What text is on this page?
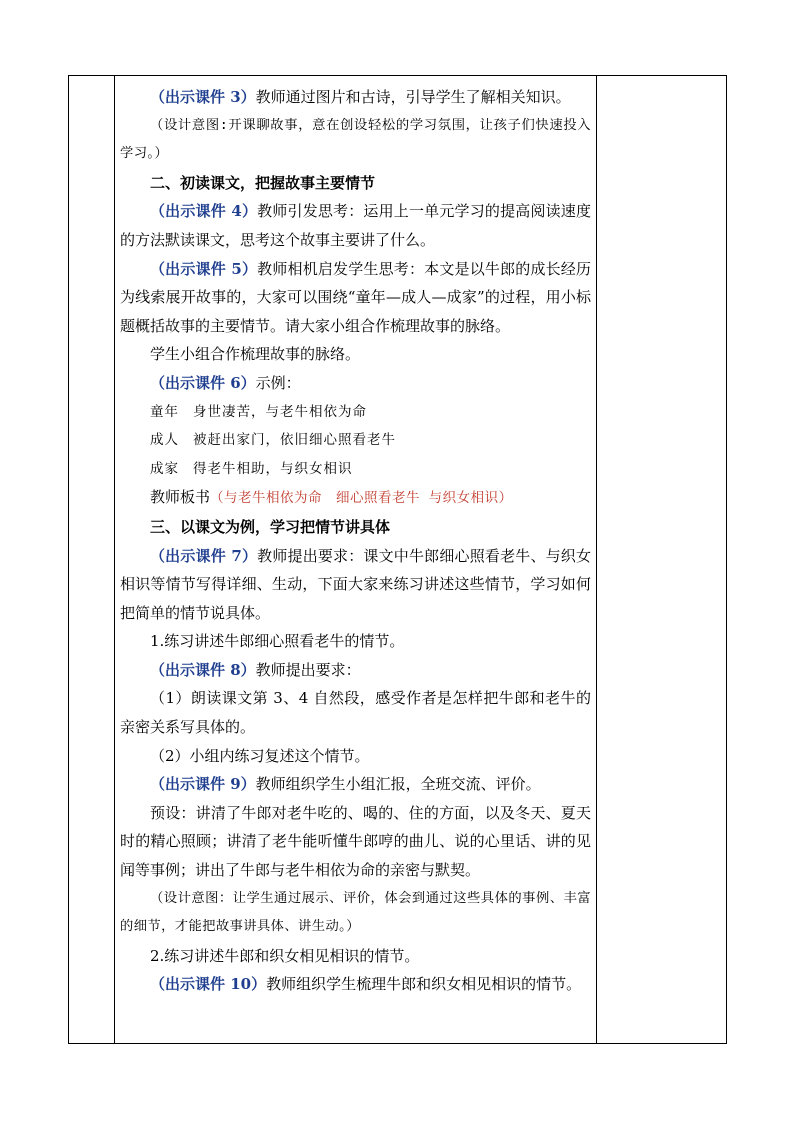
（出示课件 3）教师通过图片和古诗，引导学生了解相关知识。

（设计意图:开课聊故事，意在创设轻松的学习氛围，让孩子们快速投入学习。）

二、初读课文，把握故事主要情节

（出示课件 4）教师引发思考：运用上一单元学习的提高阅读速度的方法默读课文，思考这个故事主要讲了什么。

（出示课件 5）教师相机启发学生思考：本文是以牛郎的成长经历为线索展开故事的，大家可以围绕“童年—成人—成家”的过程，用小标题概括故事的主要情节。请大家小组合作梳理故事的脉络。

学生小组合作梳理故事的脉络。

（出示课件 6）示例：

童年 身世凄苦，与老牛相依为命

成人 被赶出家门，依旧细心照看老牛

成家 得老牛相助，与织女相识

教师板书（与老牛相依为命　细心照看老牛 与织女相识）

三、以课文为例，学习把情节讲具体

（出示课件 7）教师提出要求：课文中牛郎细心照看老牛、与织女相识等情节写得详细、生动，下面大家来练习讲述这些情节，学习如何把简单的情节说具体。

1.练习讲述牛郎细心照看老牛的情节。

（出示课件 8）教师提出要求：

（1）朗读课文第 3、4 自然段，感受作者是怎样把牛郎和老牛的亲密关系写具体的。

（2）小组内练习复述这个情节。

（出示课件 9）教师组织学生小组汇报，全班交流、评价。

预设：讲清了牛郎对老牛吃的、喝的、住的方面，以及冬天、夏天时的精心照顾；讲清了老牛能听懂牛郎哼的曲儿、说的心里话、讲的见闻等事例；讲出了牛郎与老牛相依为命的亲密与默契。

（设计意图：让学生通过展示、评价，体会到通过这些具体的事例、丰富的细节，才能把故事讲具体、讲生动。）

2.练习讲述牛郎和织女相见相识的情节。

（出示课件 10）教师组织学生梳理牛郎和织女相见相识的情节。
